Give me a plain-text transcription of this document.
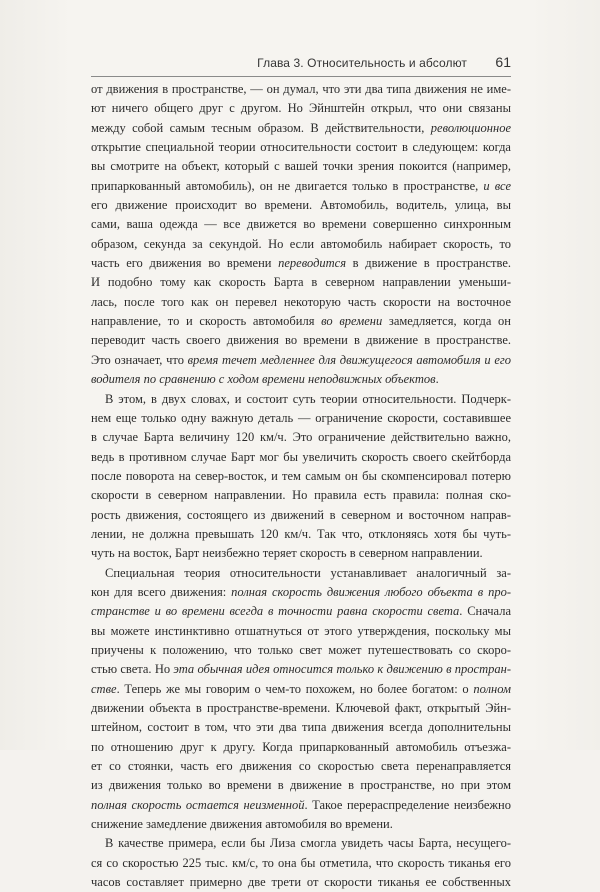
Глава 3. Относительность и абсолют 61
от движения в пространстве, — он думал, что эти два типа движения не име-
ют ничего общего друг с другом. Но Эйнштейн открыл, что они связаны
между собой самым тесным образом. В действительности, революционное
открытие специальной теории относительности состоит в следующем: когда
вы смотрите на объект, который с вашей точки зрения покоится (например,
припаркованный автомобиль), он не двигается только в пространстве, и все
его движение происходит во времени. Автомобиль, водитель, улица, вы
сами, ваша одежда — все движется во времени совершенно синхронным
образом, секунда за секундой. Но если автомобиль набирает скорость, то
часть его движения во времени переводится в движение в пространстве.
И подобно тому как скорость Барта в северном направлении уменьши-
лась, после того как он перевел некоторую часть скорости на восточное
направление, то и скорость автомобиля во времени замедляется, когда он
переводит часть своего движения во времени в движение в пространстве.
Это означает, что время течет медленнее для движущегося автомобиля и его
водителя по сравнению с ходом времени неподвижных объектов.
В этом, в двух словах, и состоит суть теории относительности. Подчерк-
нем еще только одну важную деталь — ограничение скорости, составившее
в случае Барта величину 120 км/ч. Это ограничение действительно важно,
ведь в противном случае Барт мог бы увеличить скорость своего скейтборда
после поворота на север-восток, и тем самым он бы скомпенсировал потерю
скорости в северном направлении. Но правила есть правила: полная ско-
рость движения, состоящего из движений в северном и восточном направ-
лении, не должна превышать 120 км/ч. Так что, отклоняясь хотя бы чуть-
чуть на восток, Барт неизбежно теряет скорость в северном направлении.
Специальная теория относительности устанавливает аналогичный за-
кон для всего движения: полная скорость движения любого объекта в про-
странстве и во времени всегда в точности равна скорости света. Сначала
вы можете инстинктивно отшатнуться от этого утверждения, поскольку мы
приучены к положению, что только свет может путешествовать со скоро-
стью света. Но эта обычная идея относится только к движению в простран-
стве. Теперь же мы говорим о чем-то похожем, но более богатом: о полном
движении объекта в пространстве-времени. Ключевой факт, открытый Эйн-
штейном, состоит в том, что эти два типа движения всегда дополнительны
по отношению друг к другу. Когда припаркованный автомобиль отъезжа-
ет со стоянки, часть его движения со скоростью света перенаправляется
из движения только во времени в движение в пространстве, но при этом
полная скорость остается неизменной. Такое перераспределение неизбежно
снижение замедление движения автомобиля во времени.
В качестве примера, если бы Лиза смогла увидеть часы Барта, несущего-
ся со скоростью 225 тыс. км/с, то она бы отметила, что скорость тиканья его
часов составляет примерно две трети от скорости тиканья ее собственных
